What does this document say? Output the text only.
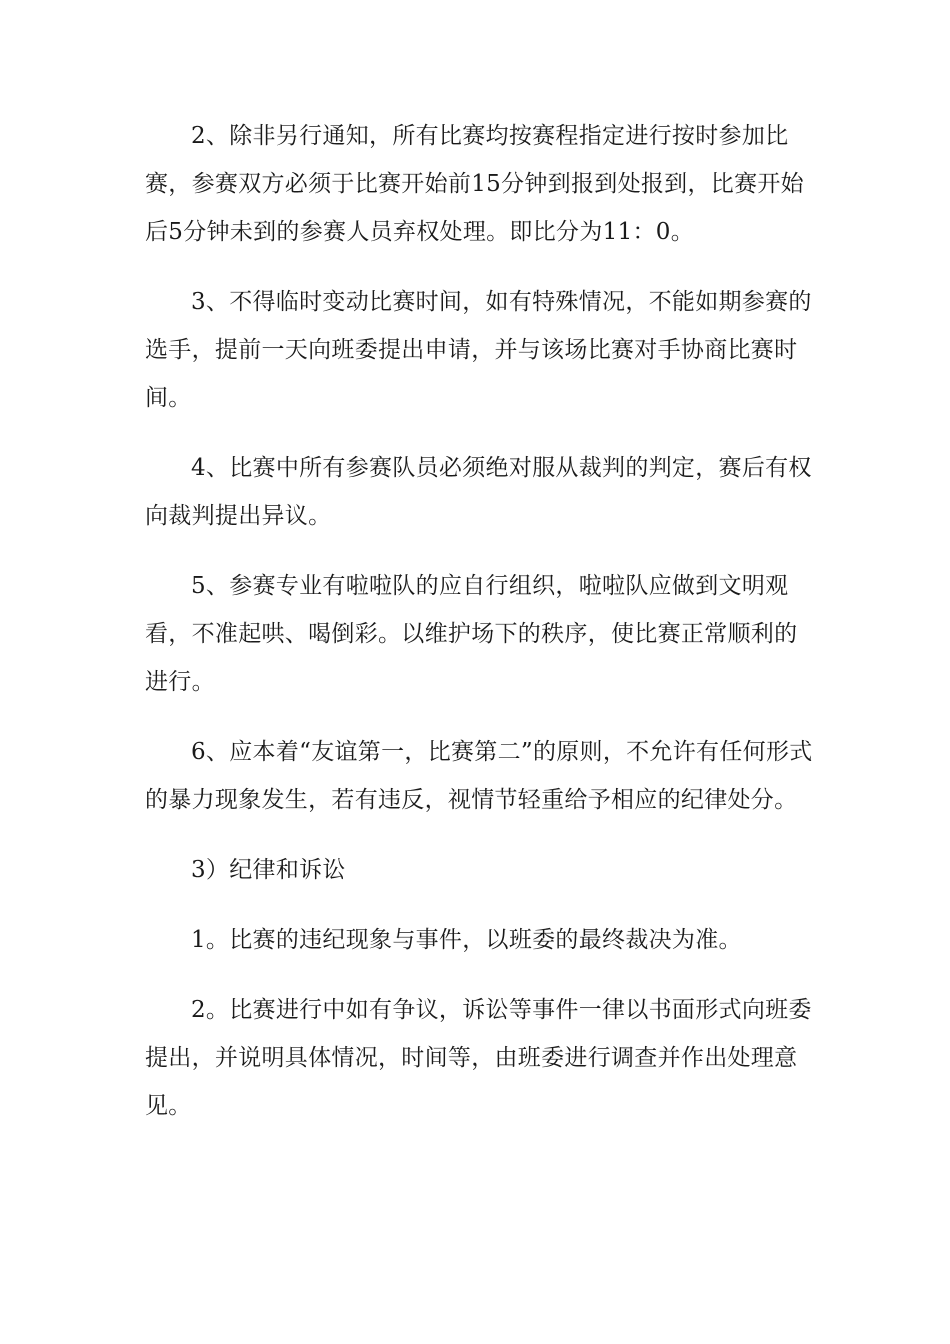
2、除非另行通知，所有比赛均按赛程指定进行按时参加比赛，参赛双方必须于比赛开始前15分钟到报到处报到，比赛开始后5分钟未到的参赛人员弃权处理。即比分为11：0。

3、不得临时变动比赛时间，如有特殊情况，不能如期参赛的选手，提前一天向班委提出申请，并与该场比赛对手协商比赛时间。

4、比赛中所有参赛队员必须绝对服从裁判的判定，赛后有权向裁判提出异议。

5、参赛专业有啦啦队的应自行组织，啦啦队应做到文明观看，不准起哄、喝倒彩。以维护场下的秩序，使比赛正常顺利的进行。

6、应本着“友谊第一，比赛第二”的原则，不允许有任何形式的暴力现象发生，若有违反，视情节轻重给予相应的纪律处分。

3）纪律和诉讼

1。比赛的违纪现象与事件，以班委的最终裁决为准。

2。比赛进行中如有争议，诉讼等事件一律以书面形式向班委提出，并说明具体情况，时间等，由班委进行调查并作出处理意见。
